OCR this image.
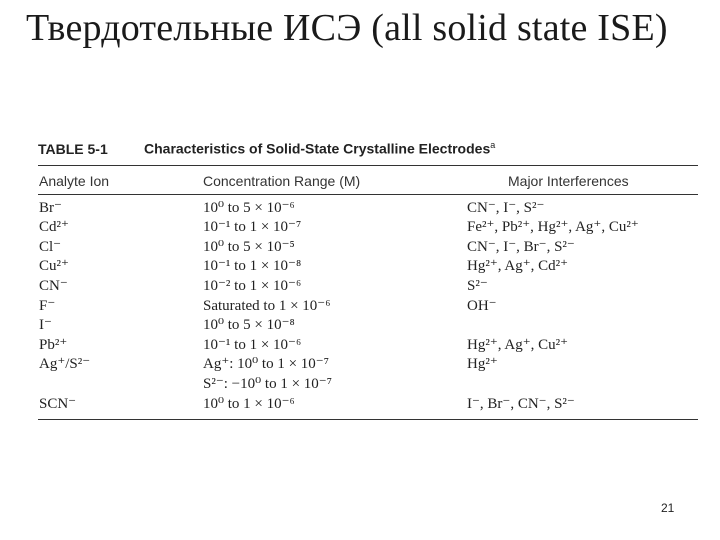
Твердотельные ИСЭ (all solid state ISE)
TABLE 5-1	Characteristics of Solid-State Crystalline Electrodes$^a$
Analyte Ion	Concentration Range (M)	Major Interferences
Br⁻	10⁰ to 5 × 10⁻⁶	CN⁻, I⁻, S²⁻
Cd²⁺	10⁻¹ to 1 × 10⁻⁷	Fe²⁺, Pb²⁺, Hg²⁺, Ag⁺, Cu²⁺
Cl⁻	10⁰ to 5 × 10⁻⁵	CN⁻, I⁻, Br⁻, S²⁻
Cu²⁺	10⁻¹ to 1 × 10⁻⁸	Hg²⁺, Ag⁺, Cd²⁺
CN⁻	10⁻² to 1 × 10⁻⁶	S²⁻
F⁻	Saturated to 1 × 10⁻⁶	OH⁻
I⁻	10⁰ to 5 × 10⁻⁸
Pb²⁺	10⁻¹ to 1 × 10⁻⁶	Hg²⁺, Ag⁺, Cu²⁺
Ag⁺/S²⁻	Ag⁺: 10⁰ to 1 × 10⁻⁷	Hg²⁺
S²⁻: −10⁰ to 1 × 10⁻⁷
SCN⁻	10⁰ to 1 × 10⁻⁶	I⁻, Br⁻, CN⁻, S²⁻
21
